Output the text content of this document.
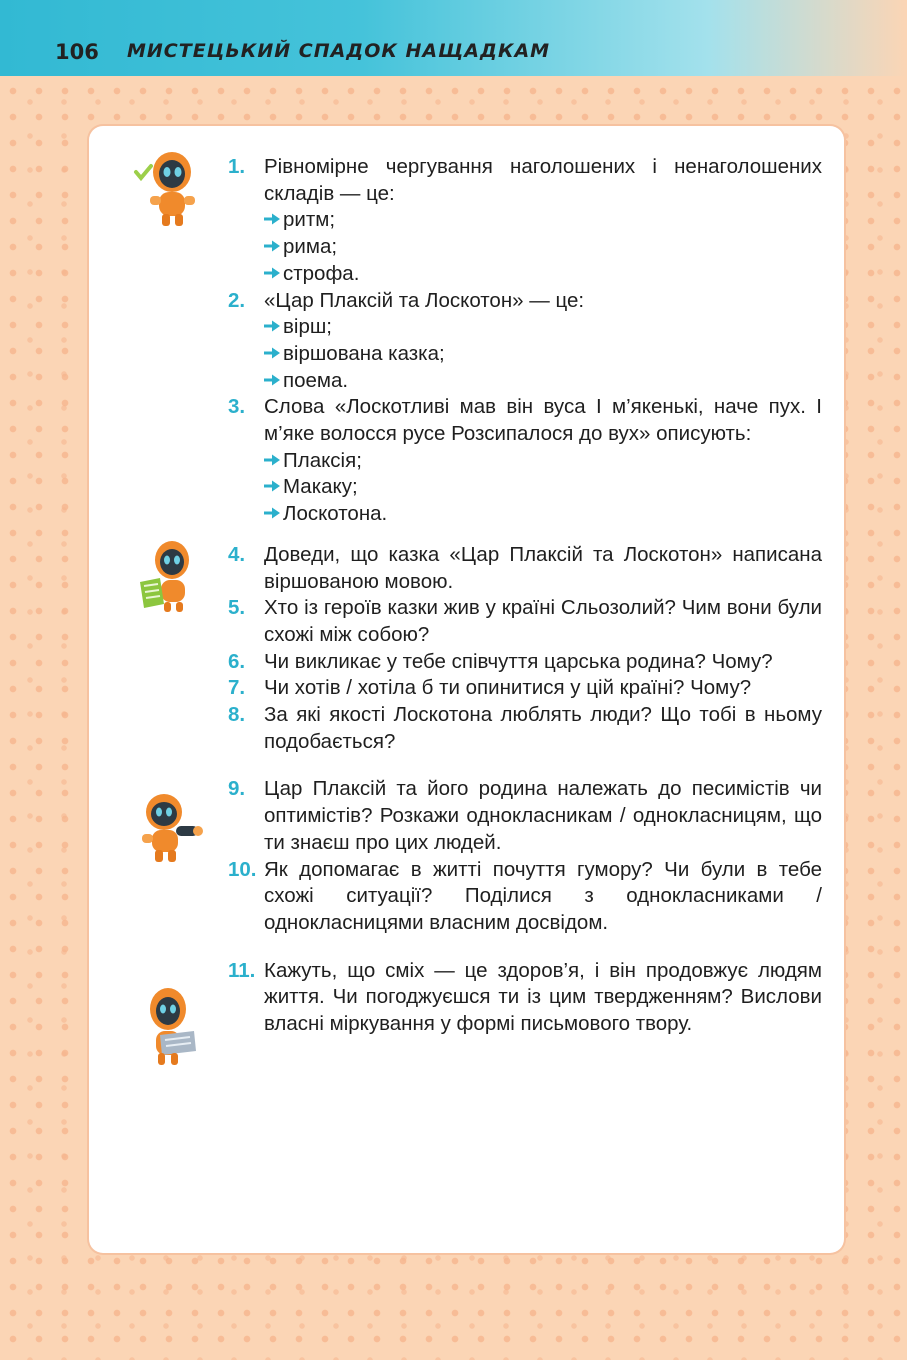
106 МИСТЕЦЬКИЙ СПАДОК НАЩАДКАМ
1. Рівномірне чергування наголошених і ненаголошених складів — це:
ритм;
рима;
строфа.
2. «Цар Плаксій та Лоскотон» — це:
вірш;
віршована казка;
поема.
3. Слова «Лоскотливі мав він вуса І м’якенькі, наче пух. І м’яке волосся русе Розсипалося до вух» описують:
Плаксія;
Макаку;
Лоскотона.
4. Доведи, що казка «Цар Плаксій та Лоскотон» написана віршованою мовою.
5. Хто із героїв казки жив у країні Сльозолий? Чим вони були схожі між собою?
6. Чи викликає у тебе співчуття царська родина? Чому?
7. Чи хотів / хотіла б ти опинитися у цій країні? Чому?
8. За які якості Лоскотона люблять люди? Що тобі в ньому подобається?
9. Цар Плаксій та його родина належать до песимістів чи оптимістів? Розкажи однокласникам / однокласницям, що ти знаєш про цих людей.
10. Як допомагає в житті почуття гумору? Чи були в тебе схожі ситуації? Поділися з однокласниками / однокласницями власним досвідом.
11. Кажуть, що сміх — це здоров’я, і він продовжує людям життя. Чи погоджуєшся ти із цим твердженням? Вислови власні міркування у формі письмового твору.
